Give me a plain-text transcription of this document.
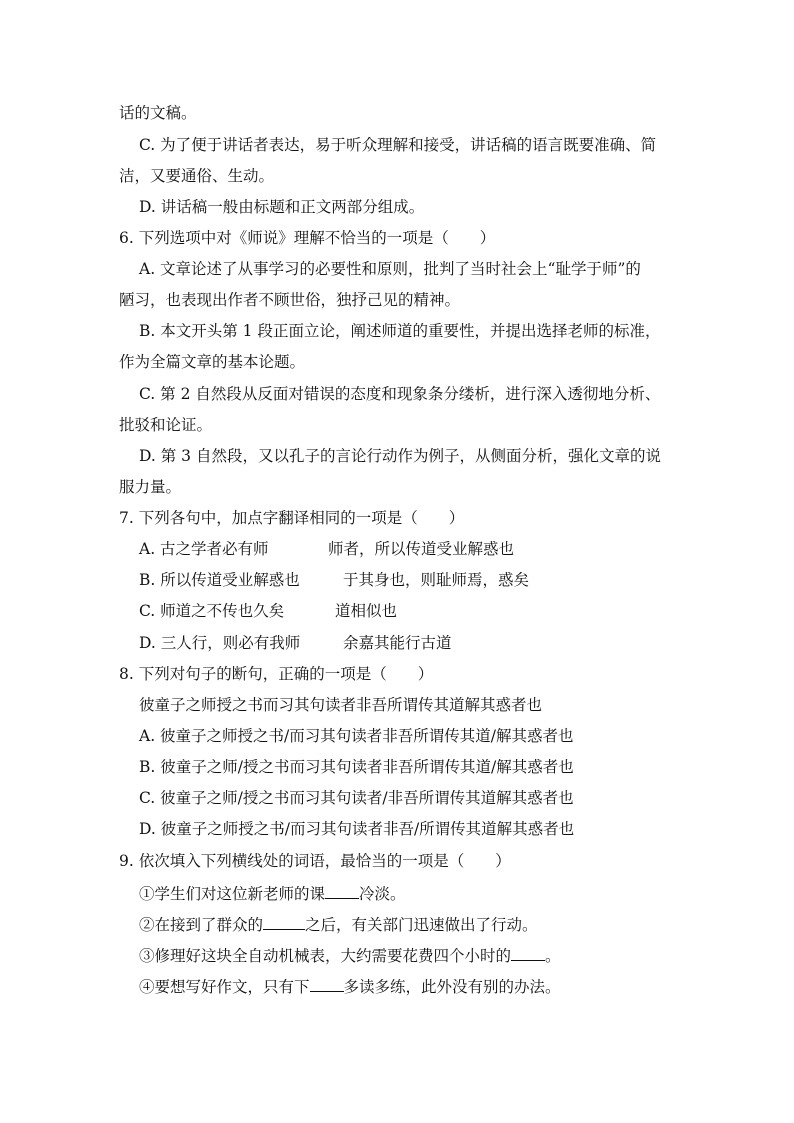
话的文稿。
C. 为了便于讲话者表达，易于听众理解和接受，讲话稿的语言既要准确、简
洁，又要通俗、生动。
D. 讲话稿一般由标题和正文两部分组成。
6. 下列选项中对《师说》理解不恰当的一项是（　　）
A. 文章论述了从事学习的必要性和原则，批判了当时社会上“耻学于师”的
陋习，也表现出作者不顾世俗，独抒己见的精神。
B. 本文开头第 1 段正面立论，阐述师道的重要性，并提出选择老师的标准，
作为全篇文章的基本论题。
C. 第 2 自然段从反面对错误的态度和现象条分缕析，进行深入透彻地分析、
批驳和论证。
D. 第 3 自然段，又以孔子的言论行动作为例子，从侧面分析，强化文章的说
服力量。
7. 下列各句中，加点字翻译相同的一项是（　　）
A. 古之学者必有师	师者，所以传道受业解惑也
B. 所以传道受业解惑也	于其身也，则耻师焉，惑矣
C. 师道之不传也久矣	道相似也
D. 三人行，则必有我师	余嘉其能行古道
8. 下列对句子的断句，正确的一项是（　　）
彼童子之师授之书而习其句读者非吾所谓传其道解其惑者也
A. 彼童子之师授之书/而习其句读者非吾所谓传其道/解其惑者也
B. 彼童子之师/授之书而习其句读者非吾所谓传其道/解其惑者也
C. 彼童子之师/授之书而习其句读者/非吾所谓传其道解其惑者也
D. 彼童子之师授之书/而习其句读者非吾/所谓传其道解其惑者也
9. 依次填入下列横线处的词语，最恰当的一项是（　　）
①学生们对这位新老师的课 冷淡。
②在接到了群众的	之后，有关部门迅速做出了行动。
③修理好这块全自动机械表，大约需要花费四个小时的 。
④要想写好作文，只有下 多读多练，此外没有别的办法。
